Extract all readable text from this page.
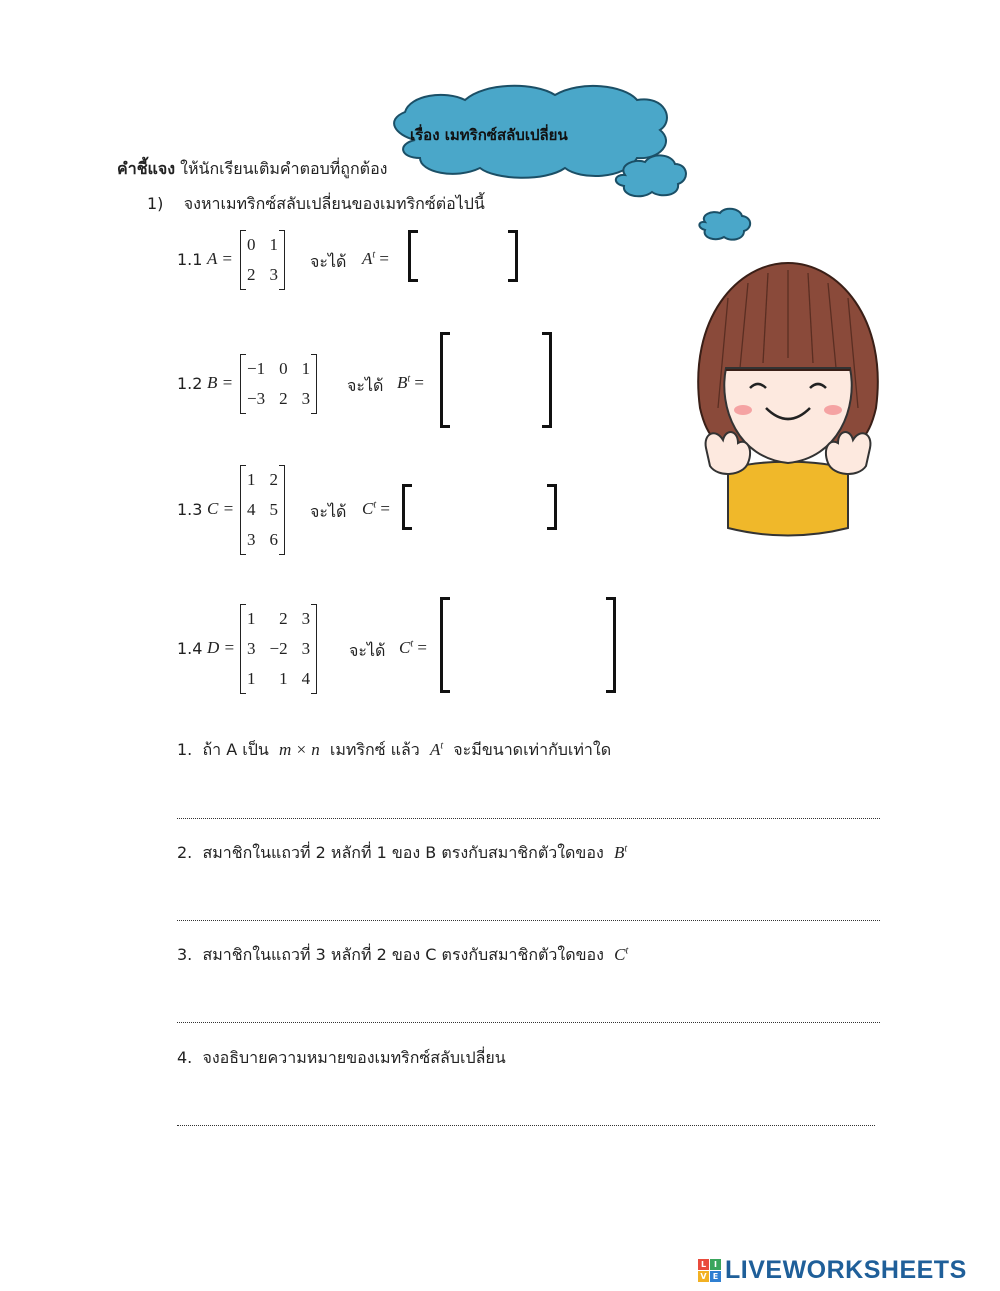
เรื่อง เมทริกซ์สลับเปลี่ยน
คำชี้แจง ให้นักเรียนเติมคำตอบที่ถูกต้อง
1) จงหาเมทริกซ์สลับเปลี่ยนของเมทริกซ์ต่อไปนี้
1.1 A =
0	1
2	3
จะได้ $A^t$ =
1.2 B =
−1	0	1
−3	2	3
จะได้ $B^t$ =
1.3 C =
1	2
4	5
3	6
จะได้ $C^t$ =
1.4 D =
1	2	3
3	−2	3
1	1	4
จะได้ $C^t$ =
1. ถ้า A เป็น m × n เมทริกซ์ แล้ว $A^t$ จะมีขนาดเท่ากับเท่าใด
2. สมาชิกในแถวที่ 2 หลักที่ 1 ของ B ตรงกับสมาชิกตัวใดของ $B^t$
3. สมาชิกในแถวที่ 3 หลักที่ 2 ของ C ตรงกับสมาชิกตัวใดของ $C^t$
4. จงอธิบายความหมายของเมทริกซ์สลับเปลี่ยน
L I
V E LIVEWORKSHEETS
